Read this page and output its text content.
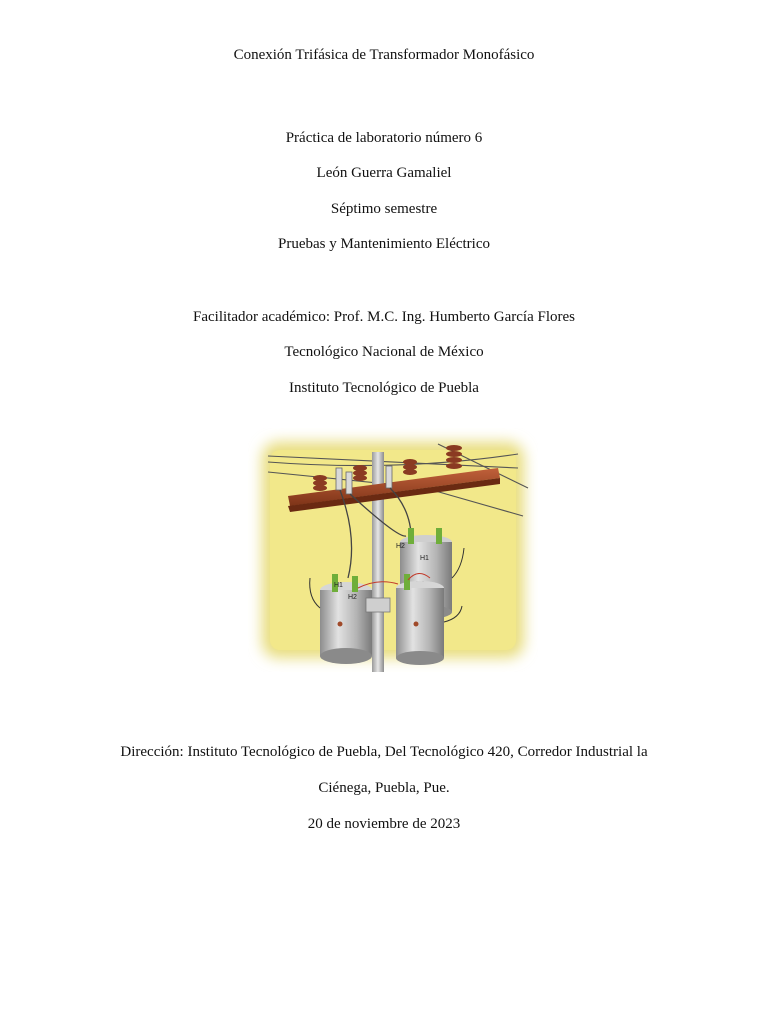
Conexión Trifásica de Transformador Monofásico
Práctica de laboratorio número 6
León Guerra Gamaliel
Séptimo semestre
Pruebas y Mantenimiento Eléctrico
Facilitador académico: Prof. M.C. Ing. Humberto García Flores
Tecnológico Nacional de México
Instituto Tecnológico de Puebla
H2
H1
H1
H2
Dirección: Instituto Tecnológico de Puebla, Del Tecnológico 420, Corredor Industrial la
Ciénega, Puebla, Pue.
20 de noviembre de 2023
